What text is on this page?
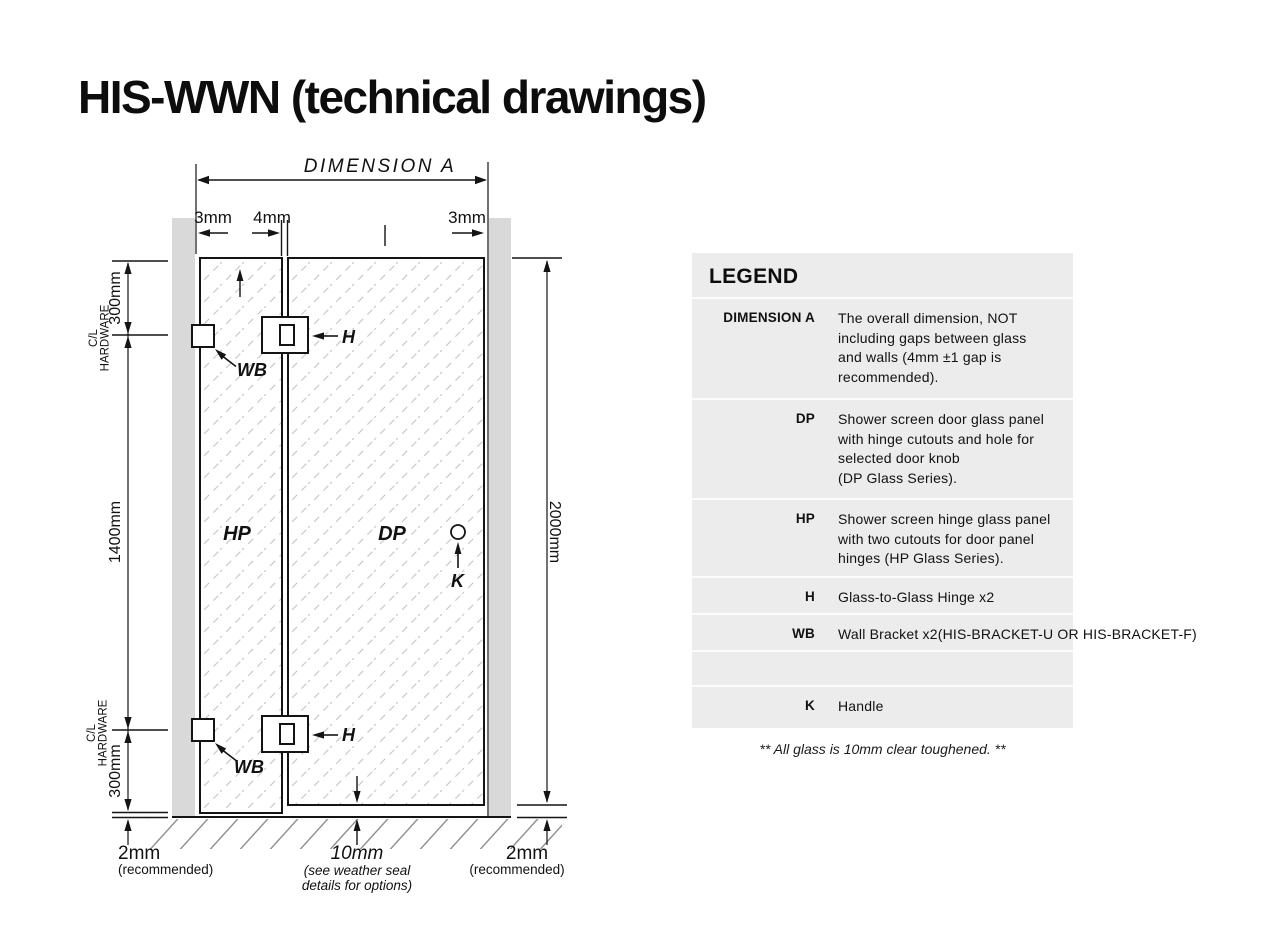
HIS-WWN (technical drawings)
DIMENSION A
3mm 4mm	3mm
300mm
C/L HARDWARE
1400mm
C/L HARDWARE
300mm
2000mm
HP	DP
H
H
WB
WB
K
2mm
(recommended)
10mm
(see weather seal
details for options)
2mm
(recommended)
LEGEND
DIMENSION A The overall dimension, NOT
including gaps between glass
and walls (4mm ±1 gap is
recommended).
DP Shower screen door glass panel
with hinge cutouts and hole for
selected door knob
(DP Glass Series).
HP Shower screen hinge glass panel
with two cutouts for door panel
hinges (HP Glass Series).
H Glass-to-Glass Hinge x2
WB Wall Bracket x2(HIS-BRACKET-U OR HIS-BRACKET-F)
K Handle
** All glass is 10mm clear toughened. **
